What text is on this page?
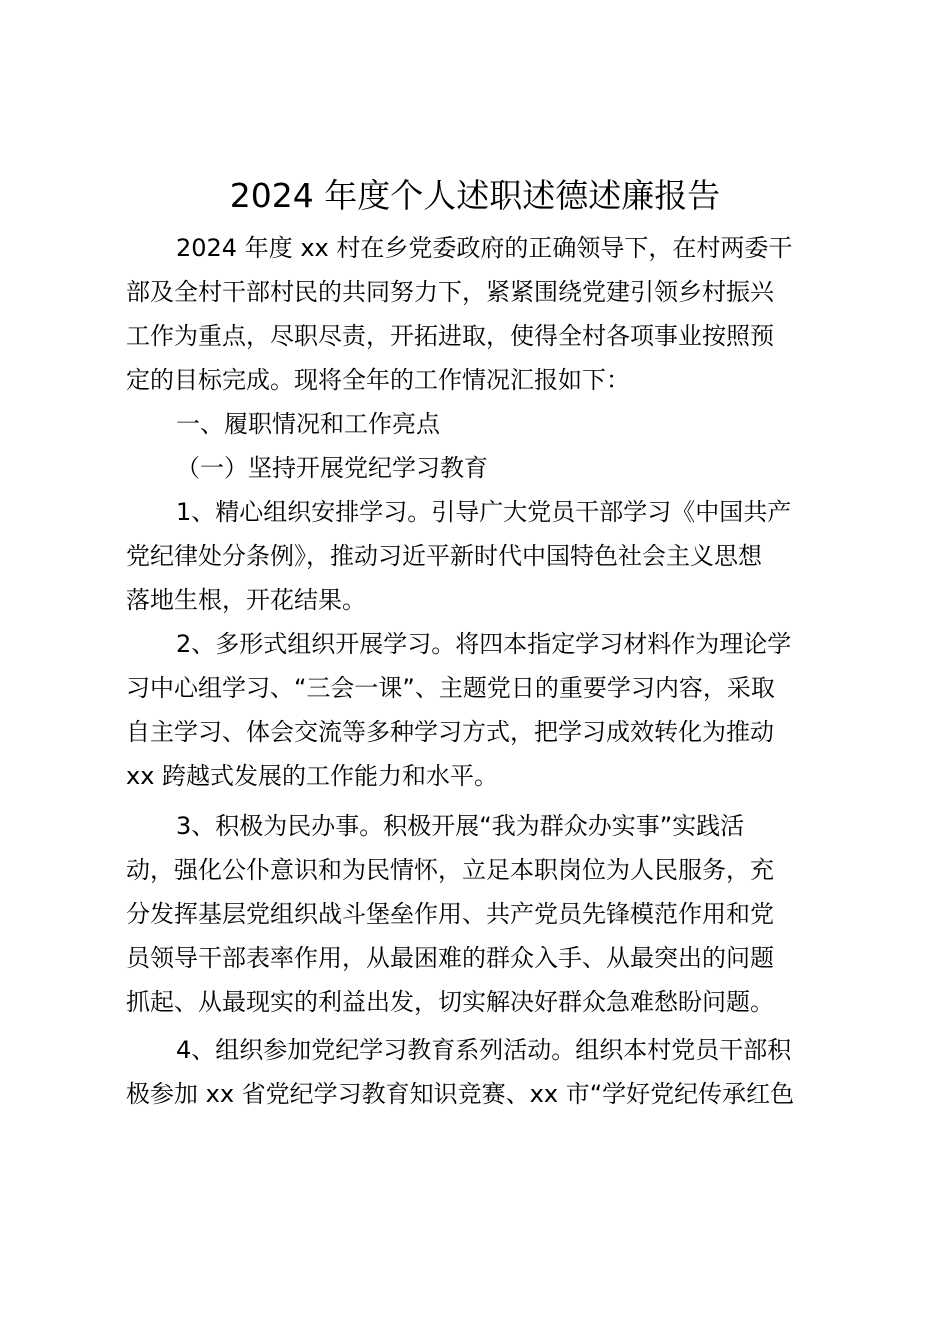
2024 年度个人述职述德述廉报告
2024 年度 xx 村在乡党委政府的正确领导下，在村两委干
部及全村干部村民的共同努力下，紧紧围绕党建引领乡村振兴
工作为重点，尽职尽责，开拓进取，使得全村各项事业按照预
定的目标完成。现将全年的工作情况汇报如下：
一、履职情况和工作亮点
（一）坚持开展党纪学习教育
1、精心组织安排学习。引导广大党员干部学习《中国共产
党纪律处分条例》，推动习近平新时代中国特色社会主义思想
落地生根，开花结果。
2、多形式组织开展学习。将四本指定学习材料作为理论学
习中心组学习、“三会一课”、主题党日的重要学习内容，采取
自主学习、体会交流等多种学习方式，把学习成效转化为推动
xx 跨越式发展的工作能力和水平。
3、积极为民办事。积极开展“我为群众办实事”实践活
动，强化公仆意识和为民情怀，立足本职岗位为人民服务，充
分发挥基层党组织战斗堡垒作用、共产党员先锋模范作用和党
员领导干部表率作用，从最困难的群众入手、从最突出的问题
抓起、从最现实的利益出发，切实解决好群众急难愁盼问题。
4、组织参加党纪学习教育系列活动。组织本村党员干部积
极参加 xx 省党纪学习教育知识竞赛、xx 市“学好党纪传承红色
